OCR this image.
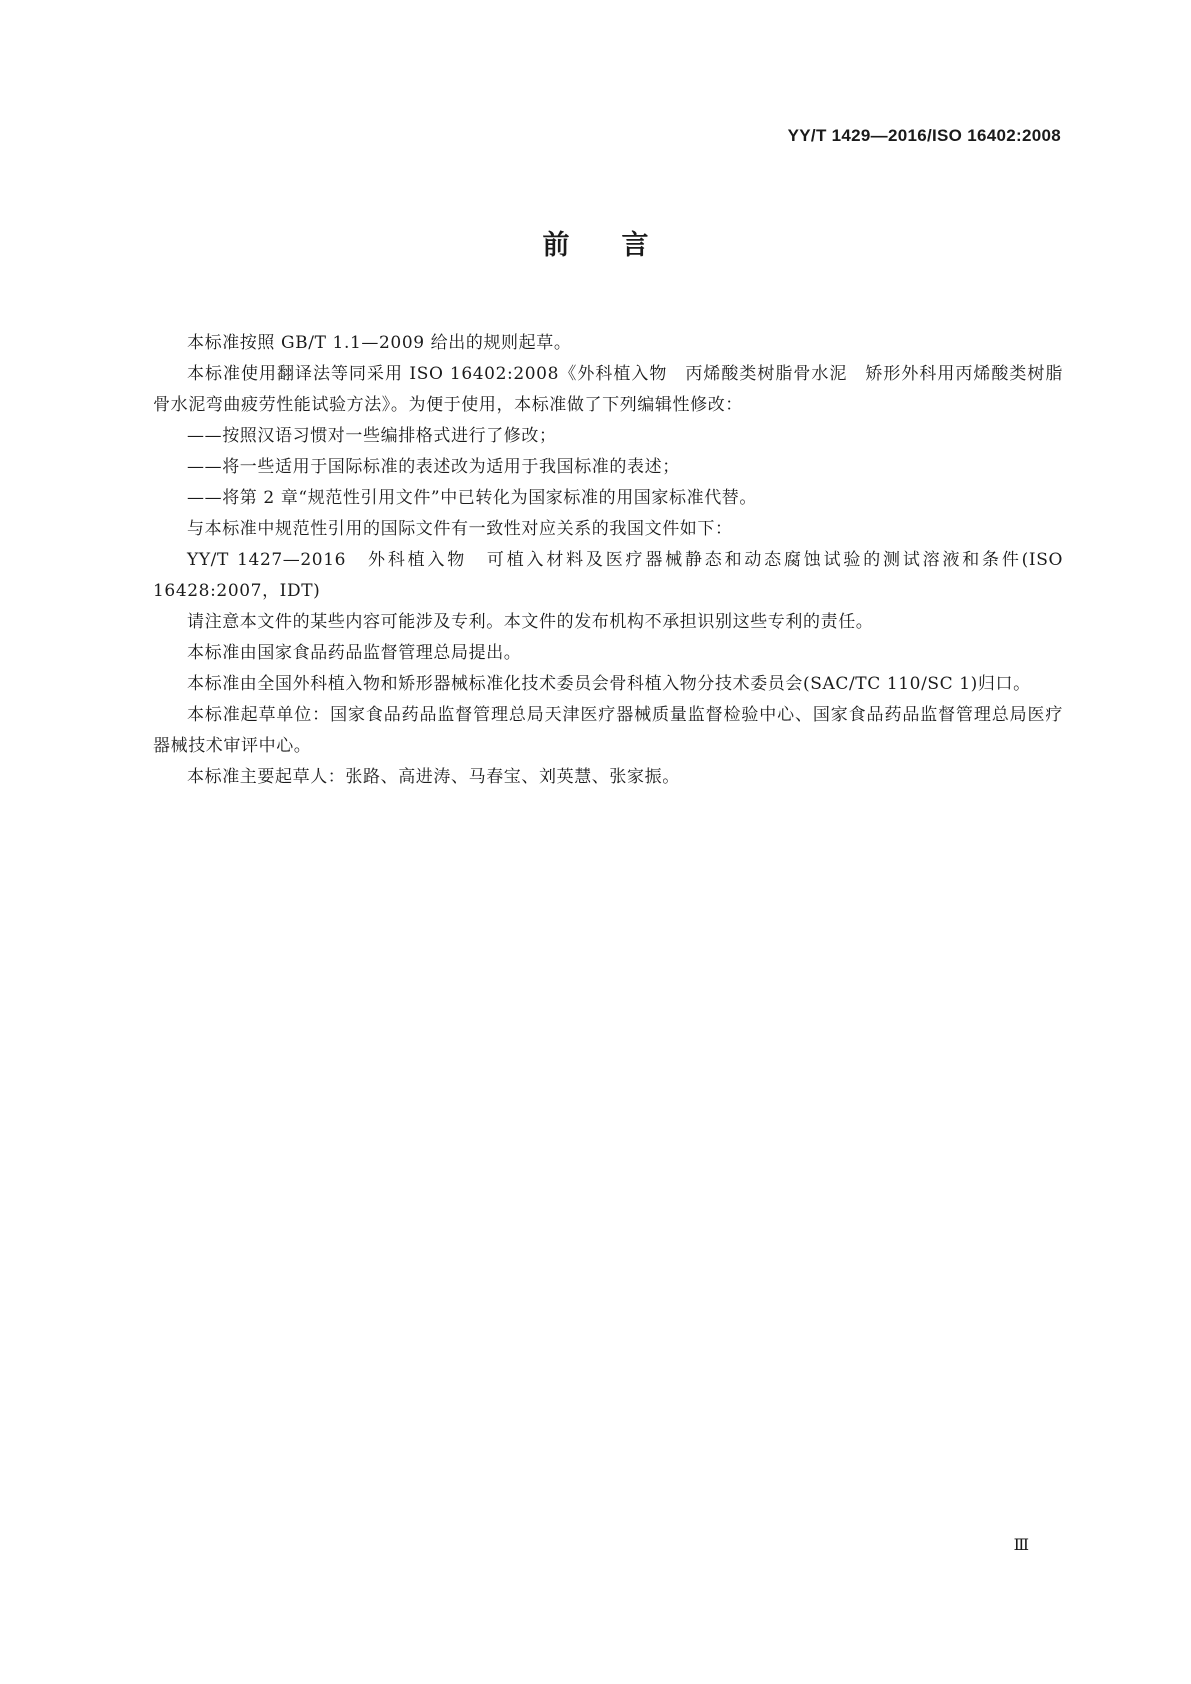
YY/T 1429—2016/ISO 16402:2008
前言

本标准按照 GB/T 1.1—2009 给出的规则起草。

本标准使用翻译法等同采用 ISO 16402:2008《外科植入物　丙烯酸类树脂骨水泥　矫形外科用丙烯酸类树脂骨水泥弯曲疲劳性能试验方法》。为便于使用，本标准做了下列编辑性修改：

——按照汉语习惯对一些编排格式进行了修改；

——将一些适用于国际标准的表述改为适用于我国标准的表述；

——将第 2 章“规范性引用文件”中已转化为国家标准的用国家标准代替。

与本标准中规范性引用的国际文件有一致性对应关系的我国文件如下：

YY/T 1427—2016　外科植入物　可植入材料及医疗器械静态和动态腐蚀试验的测试溶液和条件(ISO 16428:2007，IDT)

请注意本文件的某些内容可能涉及专利。本文件的发布机构不承担识别这些专利的责任。

本标准由国家食品药品监督管理总局提出。

本标准由全国外科植入物和矫形器械标准化技术委员会骨科植入物分技术委员会(SAC/TC 110/SC 1)归口。

本标准起草单位：国家食品药品监督管理总局天津医疗器械质量监督检验中心、国家食品药品监督管理总局医疗器械技术审评中心。

本标准主要起草人：张路、高进涛、马春宝、刘英慧、张家振。

Ⅲ
